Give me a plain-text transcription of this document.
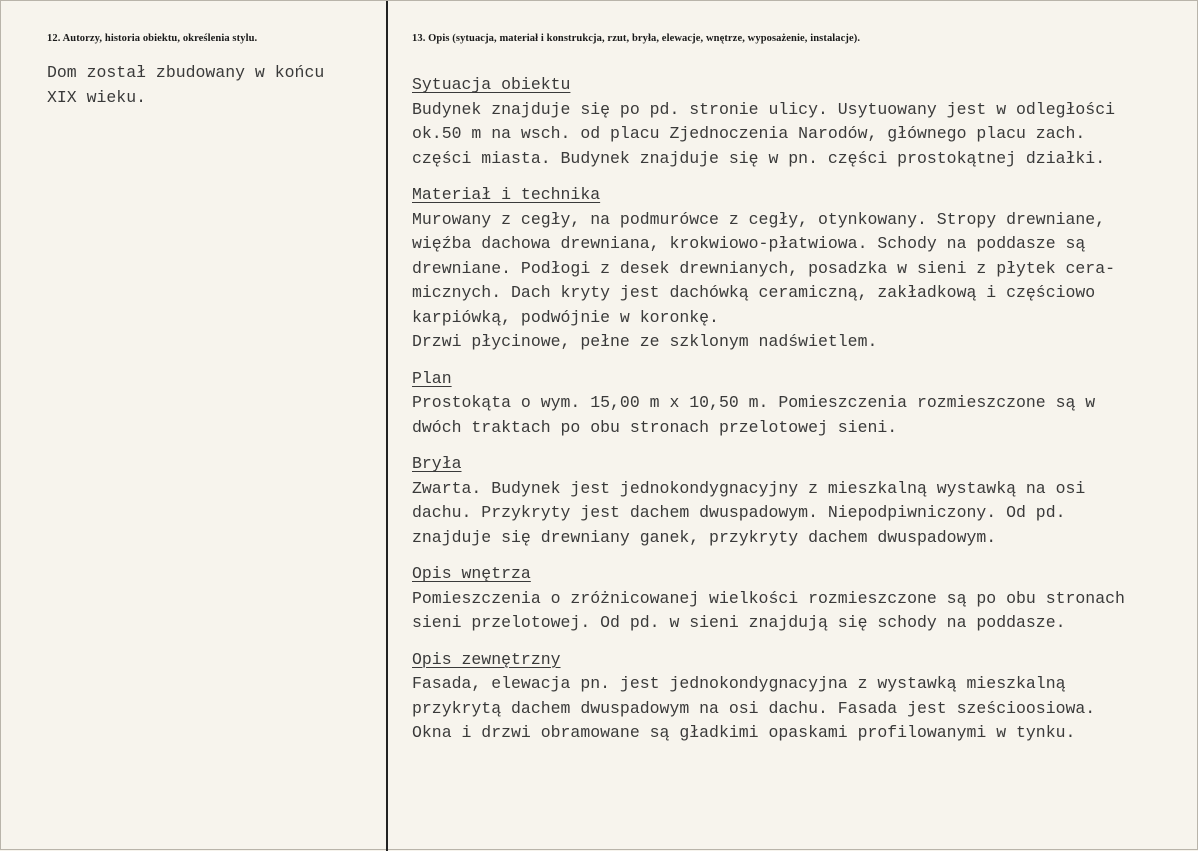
12. Autorzy, historia obiektu, określenia stylu.
Dom został zbudowany w końcu
XIX wieku.
13. Opis (sytuacja, materiał i konstrukcja, rzut, bryła, elewacje, wnętrze, wyposażenie, instalacje).
Sytuacja obiektu
Budynek znajduje się po pd. stronie ulicy. Usytuowany jest w odległości
ok.50 m na wsch. od placu Zjednoczenia Narodów, głównego placu zach.
części miasta. Budynek znajduje się w pn. części prostokątnej działki.
Materiał i technika
Murowany z cegły, na podmurówce z cegły, otynkowany. Stropy drewniane,
więźba dachowa drewniana, krokwiowo-płatwiowa. Schody na poddasze są
drewniane. Podłogi z desek drewnianych, posadzka w sieni z płytek cera-
micznych. Dach kryty jest dachówką ceramiczną, zakładkową i częściowo
karpiówką, podwójnie w koronkę.
Drzwi płycinowe, pełne ze szklonym nadświetlem.
Plan
Prostokąta o wym. 15,00 m x 10,50 m. Pomieszczenia rozmieszczone są w
dwóch traktach po obu stronach przelotowej sieni.
Bryła
Zwarta. Budynek jest jednokondygnacyjny z mieszkalną wystawką na osi
dachu. Przykryty jest dachem dwuspadowym. Niepodpiwniczony. Od pd.
znajduje się drewniany ganek, przykryty dachem dwuspadowym.
Opis wnętrza
Pomieszczenia o zróżnicowanej wielkości rozmieszczone są po obu stronach
sieni przelotowej. Od pd. w sieni znajdują się schody na poddasze.
Opis zewnętrzny
Fasada, elewacja pn. jest jednokondygnacyjna z wystawką mieszkalną
przykrytą dachem dwuspadowym na osi dachu. Fasada jest sześcioosiowa.
Okna i drzwi obramowane są gładkimi opaskami profilowanymi w tynku.
